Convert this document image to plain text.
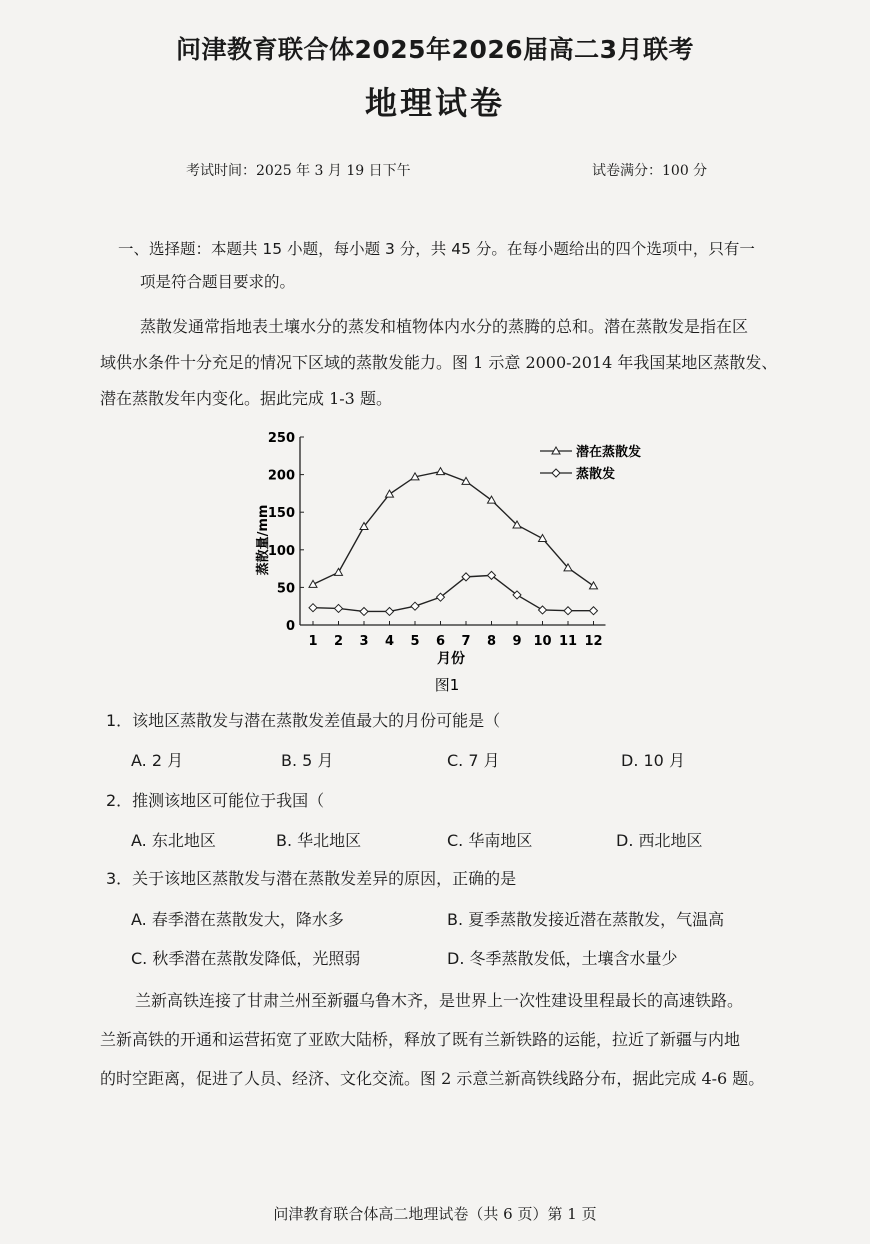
问津教育联合体2025年2026届高二3月联考
地理试卷
考试时间：2025 年 3 月 19 日下午	试卷满分：100 分
一、选择题：本题共 15 小题，每小题 3 分，共 45 分。在每小题给出的四个选项中，只有一
项是符合题目要求的。
蒸散发通常指地表土壤水分的蒸发和植物体内水分的蒸腾的总和。潜在蒸散发是指在区
域供水条件十分充足的情况下区域的蒸散发能力。图 1 示意 2000-2014 年我国某地区蒸散发、
潜在蒸散发年内变化。据此完成 1-3 题。
0
50
100
150
200
250
1 2 3 4 5 6 7 8 9 10 11 12
潜在蒸散发
蒸散发
蒸散量/mm
月份
图1
1．该地区蒸散发与潜在蒸散发差值最大的月份可能是（
A. 2 月	B. 5 月	C. 7 月	D. 10 月
2．推测该地区可能位于我国（
A. 东北地区	B. 华北地区	C. 华南地区	D. 西北地区
3．关于该地区蒸散发与潜在蒸散发差异的原因，正确的是
A. 春季潜在蒸散发大，降水多	B. 夏季蒸散发接近潜在蒸散发，气温高
C. 秋季潜在蒸散发降低，光照弱	D. 冬季蒸散发低，土壤含水量少
兰新高铁连接了甘肃兰州至新疆乌鲁木齐，是世界上一次性建设里程最长的高速铁路。
兰新高铁的开通和运营拓宽了亚欧大陆桥，释放了既有兰新铁路的运能，拉近了新疆与内地
的时空距离，促进了人员、经济、文化交流。图 2 示意兰新高铁线路分布，据此完成 4-6 题。
问津教育联合体高二地理试卷（共 6 页）第 1 页
